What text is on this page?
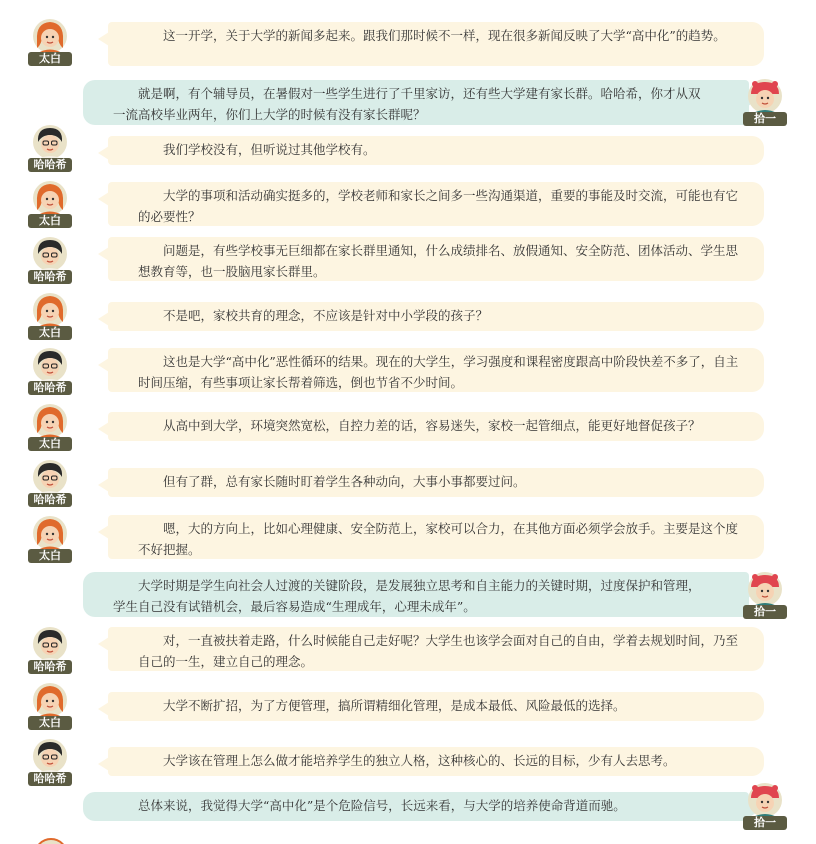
太白
这一开学，关于大学的新闻多起来。跟我们那时候不一样，现在很多新闻反映了大学“高中化”的趋势。
就是啊，有个辅导员，在暑假对一些学生进行了千里家访，还有些大学建有家长群。哈哈希，你才从双一流高校毕业两年，你们上大学的时候有没有家长群呢？	拾一
哈哈希
我们学校没有，但听说过其他学校有。
太白
大学的事项和活动确实挺多的，学校老师和家长之间多一些沟通渠道，重要的事能及时交流，可能也有它的必要性？
哈哈希
问题是，有些学校事无巨细都在家长群里通知，什么成绩排名、放假通知、安全防范、团体活动、学生思想教育等，也一股脑甩家长群里。
太白
不是吧，家校共育的理念，不应该是针对中小学段的孩子？
哈哈希
这也是大学“高中化”恶性循环的结果。现在的大学生，学习强度和课程密度跟高中阶段快差不多了，自主时间压缩，有些事项让家长帮着筛选，倒也节省不少时间。
太白
从高中到大学，环境突然宽松，自控力差的话，容易迷失，家校一起管细点，能更好地督促孩子？
哈哈希
但有了群，总有家长随时盯着学生各种动向，大事小事都要过问。
太白
嗯，大的方向上，比如心理健康、安全防范上，家校可以合力，在其他方面必须学会放手。主要是这个度不好把握。
大学时期是学生向社会人过渡的关键阶段，是发展独立思考和自主能力的关键时期，过度保护和管理，学生自己没有试错机会，最后容易造成“生理成年，心理未成年”。	拾一
哈哈希
对，一直被扶着走路，什么时候能自己走好呢？大学生也该学会面对自己的自由，学着去规划时间，乃至自己的一生，建立自己的理念。
太白
大学不断扩招，为了方便管理，搞所谓精细化管理，是成本最低、风险最低的选择。
哈哈希
大学该在管理上怎么做才能培养学生的独立人格，这种核心的、长远的目标，少有人去思考。
总体来说，我觉得大学“高中化”是个危险信号，长远来看，与大学的培养使命背道而驰。
拾一
